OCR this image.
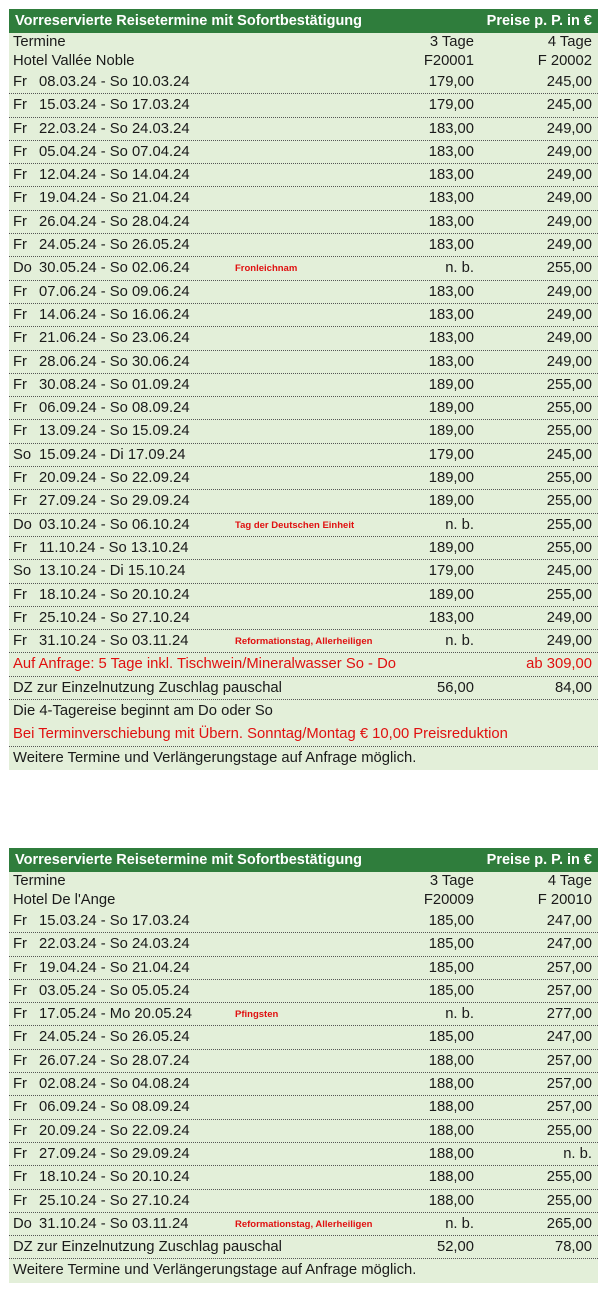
Vorreservierte Reisetermine mit Sofortbestätigung	Preise p. P. in €
Termine	3 Tage	4 Tage
Hotel Vallée Noble	F20001	F 20002
Fr 08.03.24 - So 10.03.24	179,00	245,00
Fr 15.03.24 - So 17.03.24	179,00	245,00
Fr 22.03.24 - So 24.03.24	183,00	249,00
Fr 05.04.24 - So 07.04.24	183,00	249,00
Fr 12.04.24 - So 14.04.24	183,00	249,00
Fr 19.04.24 - So 21.04.24	183,00	249,00
Fr 26.04.24 - So 28.04.24	183,00	249,00
Fr 24.05.24 - So 26.05.24	183,00	249,00
Do 30.05.24 - So 02.06.24	Fronleichnam	n. b.	255,00
Fr 07.06.24 - So 09.06.24	183,00	249,00
Fr 14.06.24 - So 16.06.24	183,00	249,00
Fr 21.06.24 - So 23.06.24	183,00	249,00
Fr 28.06.24 - So 30.06.24	183,00	249,00
Fr 30.08.24 - So 01.09.24	189,00	255,00
Fr 06.09.24 - So 08.09.24	189,00	255,00
Fr 13.09.24 - So 15.09.24	189,00	255,00
So 15.09.24 - Di 17.09.24	179,00	245,00
Fr 20.09.24 - So 22.09.24	189,00	255,00
Fr 27.09.24 - So 29.09.24	189,00	255,00
Do 03.10.24 - So 06.10.24	Tag der Deutschen Einheit	n. b.	255,00
Fr 11.10.24 - So 13.10.24	189,00	255,00
So 13.10.24 - Di 15.10.24	179,00	245,00
Fr 18.10.24 - So 20.10.24	189,00	255,00
Fr 25.10.24 - So 27.10.24	183,00	249,00
Fr 31.10.24 - So 03.11.24	Reformationstag, Allerheiligen	n. b.	249,00
Auf Anfrage: 5 Tage inkl. Tischwein/Mineralwasser So - Do	ab 309,00
DZ zur Einzelnutzung Zuschlag pauschal	56,00	84,00
Die 4-Tagereise beginnt am Do oder So
Bei Terminverschiebung mit Übern. Sonntag/Montag € 10,00 Preisreduktion
Weitere Termine und Verlängerungstage auf Anfrage möglich.
Vorreservierte Reisetermine mit Sofortbestätigung	Preise p. P. in €
Termine	3 Tage	4 Tage
Hotel De l'Ange	F20009	F 20010
Fr 15.03.24 - So 17.03.24	185,00	247,00
Fr 22.03.24 - So 24.03.24	185,00	247,00
Fr 19.04.24 - So 21.04.24	185,00	257,00
Fr 03.05.24 - So 05.05.24	185,00	257,00
Fr 17.05.24 - Mo 20.05.24	Pfingsten	n. b.	277,00
Fr 24.05.24 - So 26.05.24	185,00	247,00
Fr 26.07.24 - So 28.07.24	188,00	257,00
Fr 02.08.24 - So 04.08.24	188,00	257,00
Fr 06.09.24 - So 08.09.24	188,00	257,00
Fr 20.09.24 - So 22.09.24	188,00	255,00
Fr 27.09.24 - So 29.09.24	188,00	n. b.
Fr 18.10.24 - So 20.10.24	188,00	255,00
Fr 25.10.24 - So 27.10.24	188,00	255,00
Do 31.10.24 - So 03.11.24	Reformationstag, Allerheiligen	n. b.	265,00
DZ zur Einzelnutzung Zuschlag pauschal	52,00	78,00
Weitere Termine und Verlängerungstage auf Anfrage möglich.
